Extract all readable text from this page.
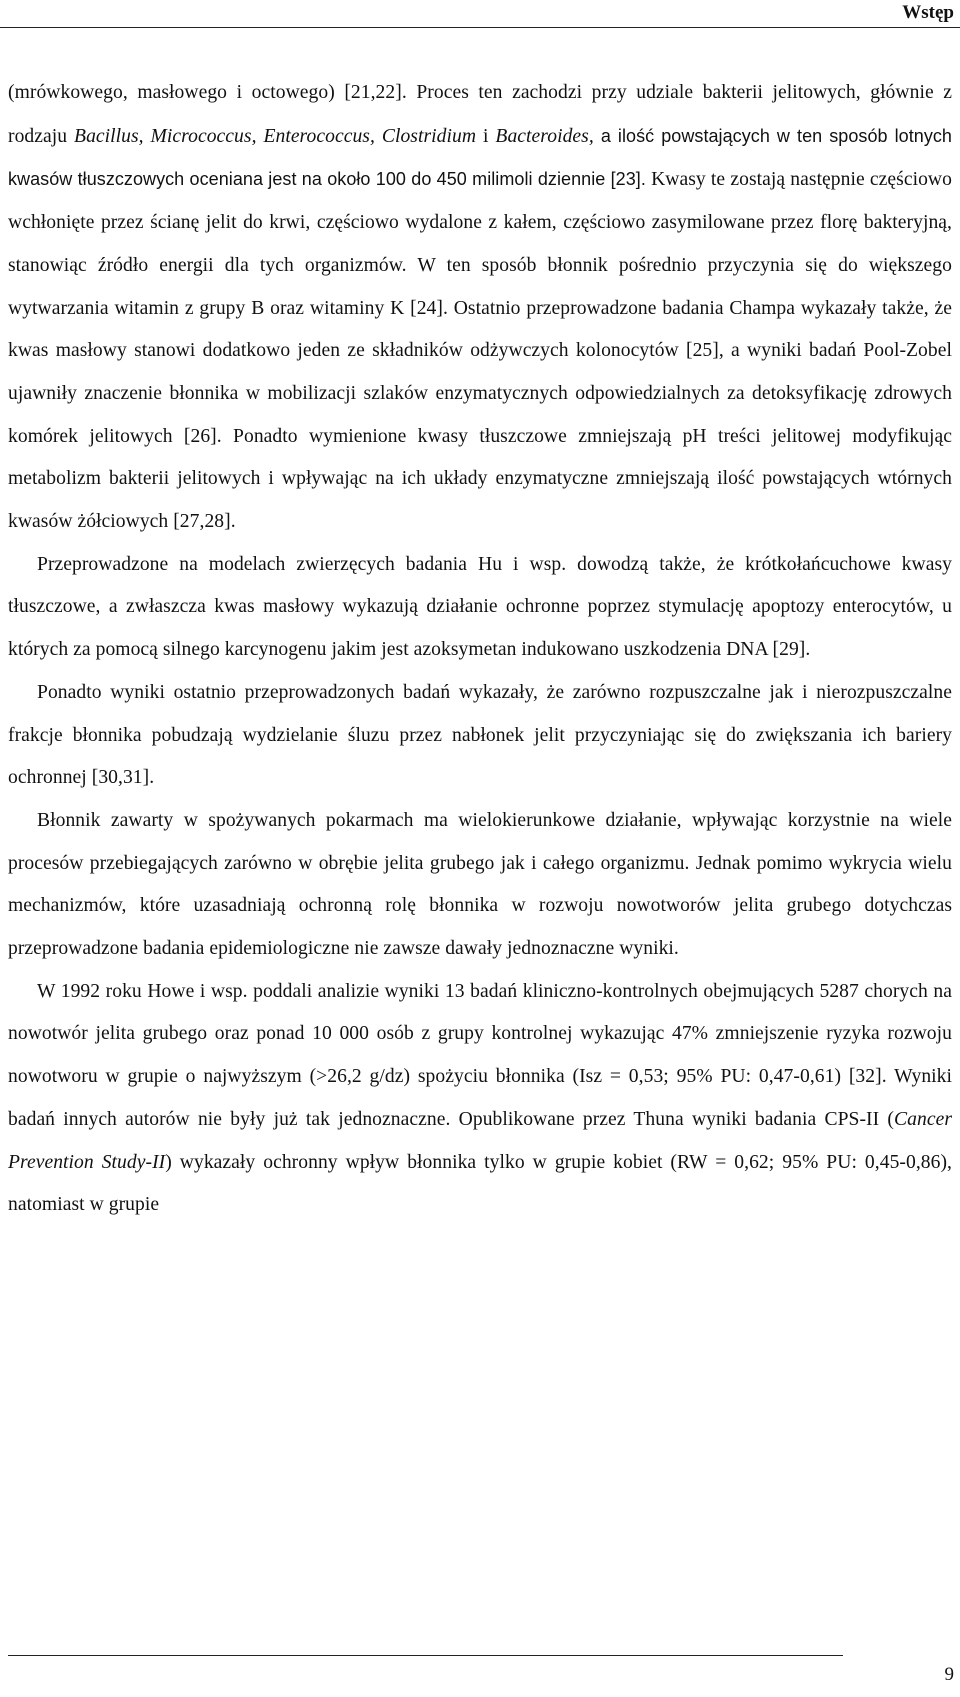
Wstęp

(mrówkowego, masłowego i octowego) [21,22]. Proces ten zachodzi przy udziale bakterii jelitowych, głównie z rodzaju Bacillus, Micrococcus, Enterococcus, Clostridium i Bacteroides, a ilość powstających w ten sposób lotnych kwasów tłuszczowych oceniana jest na około 100 do 450 milimoli dziennie [23]. Kwasy te zostają następnie częściowo wchłonięte przez ścianę jelit do krwi, częściowo wydalone z kałem, częściowo zasymilowane przez florę bakteryjną, stanowiąc źródło energii dla tych organizmów. W ten sposób błonnik pośrednio przyczynia się do większego wytwarzania witamin z grupy B oraz witaminy K [24]. Ostatnio przeprowadzone badania Champa wykazały także, że kwas masłowy stanowi dodatkowo jeden ze składników odżywczych kolonocytów [25], a wyniki badań Pool-Zobel ujawniły znaczenie błonnika w mobilizacji szlaków enzymatycznych odpowiedzialnych za detoksyfikację zdrowych komórek jelitowych [26]. Ponadto wymienione kwasy tłuszczowe zmniejszają pH treści jelitowej modyfikując metabolizm bakterii jelitowych i wpływając na ich układy enzymatyczne zmniejszają ilość powstających wtórnych kwasów żółciowych [27,28].

Przeprowadzone na modelach zwierzęcych badania Hu i wsp. dowodzą także, że krótkołańcuchowe kwasy tłuszczowe, a zwłaszcza kwas masłowy wykazują działanie ochronne poprzez stymulację apoptozy enterocytów, u których za pomocą silnego karcynogenu jakim jest azoksymetan indukowano uszkodzenia DNA [29].

Ponadto wyniki ostatnio przeprowadzonych badań wykazały, że zarówno rozpuszczalne jak i nierozpuszczalne frakcje błonnika pobudzają wydzielanie śluzu przez nabłonek jelit przyczyniając się do zwiększania ich bariery ochronnej [30,31].

Błonnik zawarty w spożywanych pokarmach ma wielokierunkowe działanie, wpływając korzystnie na wiele procesów przebiegających zarówno w obrębie jelita grubego jak i całego organizmu. Jednak pomimo wykrycia wielu mechanizmów, które uzasadniają ochronną rolę błonnika w rozwoju nowotworów jelita grubego dotychczas przeprowadzone badania epidemiologiczne nie zawsze dawały jednoznaczne wyniki.

W 1992 roku Howe i wsp. poddali analizie wyniki 13 badań kliniczno-kontrolnych obejmujących 5287 chorych na nowotwór jelita grubego oraz ponad 10 000 osób z grupy kontrolnej wykazując 47% zmniejszenie ryzyka rozwoju nowotworu w grupie o najwyższym (>26,2 g/dz) spożyciu błonnika (Isz = 0,53; 95% PU: 0,47-0,61) [32]. Wyniki badań innych autorów nie były już tak jednoznaczne. Opublikowane przez Thuna wyniki badania CPS-II (Cancer Prevention Study-II) wykazały ochronny wpływ błonnika tylko w grupie kobiet (RW = 0,62; 95% PU: 0,45-0,86), natomiast w grupie

9
